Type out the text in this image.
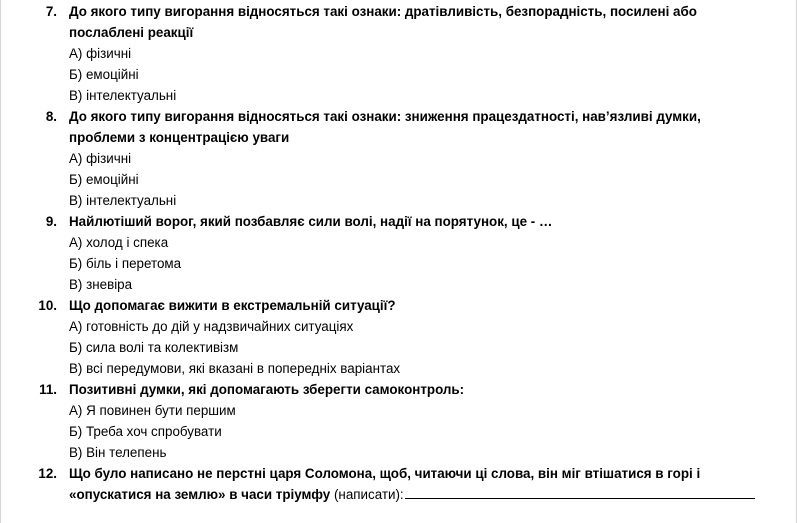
7. До якого типу вигорання відносяться такі ознаки: дратівливість, безпорадність, посилені або
послаблені реакції
А) фізичні
Б) емоційні
В) інтелектуальні
8. До якого типу вигорання відносяться такі ознаки: зниження працездатності, нав’язливі думки,
проблеми з концентрацією уваги
А) фізичні
Б) емоційні
В) інтелектуальні
9. Найлютіший ворог, який позбавляє сили волі, надії на порятунок, це - …
А) холод і спека
Б) біль і перетома
В) зневіра
10. Що допомагає вижити в екстремальній ситуації?
А) готовність до дій у надзвичайних ситуаціях
Б) сила волі та колективізм
В) всі передумови, які вказані в попередніх варіантах
11. Позитивні думки, які допомагають зберегти самоконтроль:
А) Я повинен бути першим
Б) Треба хоч спробувати
В) Він телепень
12. Що було написано не перстні царя Соломона, щоб, читаючи ці слова, він міг втішатися в горі і
«опускатися на землю» в часи тріумфу (написати):
